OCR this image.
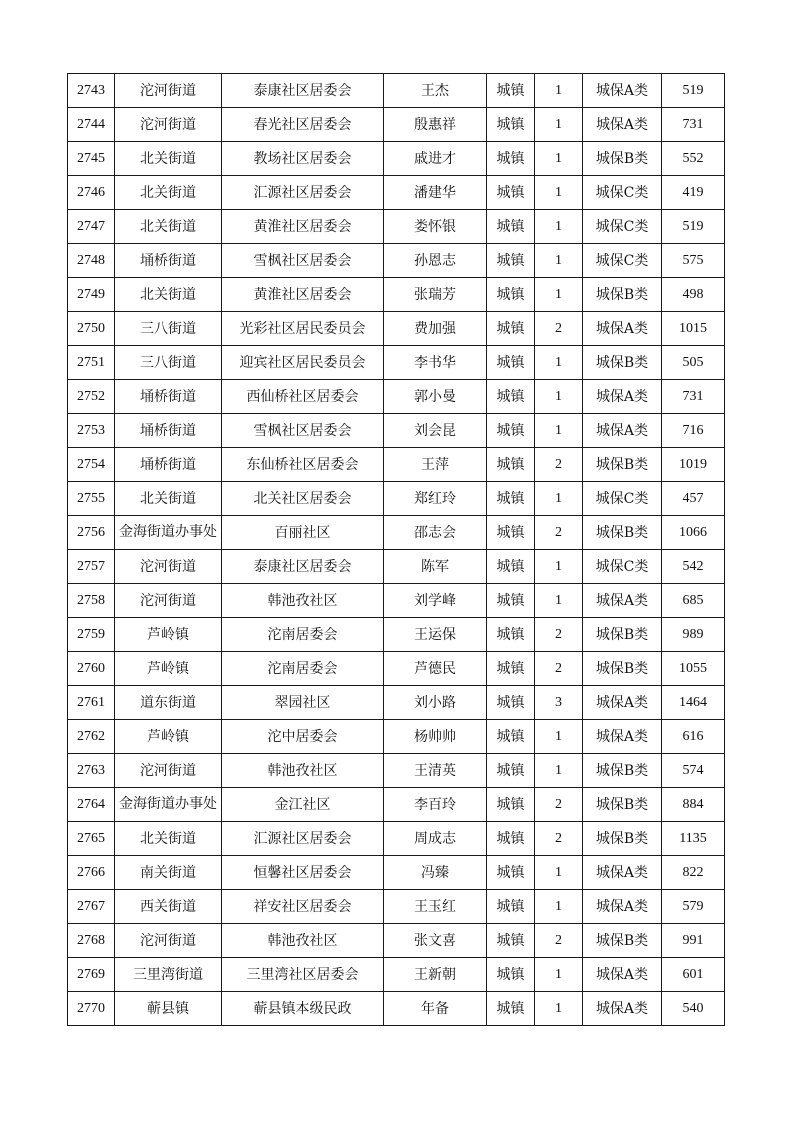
2743	沱河街道	泰康社区居委会	王杰	城镇	1	城保A类	519
2744	沱河街道	春光社区居委会	殷惠祥	城镇	1	城保A类	731
2745	北关街道	教场社区居委会	戚进才	城镇	1	城保B类	552
2746	北关街道	汇源社区居委会	潘建华	城镇	1	城保C类	419
2747	北关街道	黄淮社区居委会	娄怀银	城镇	1	城保C类	519
2748	埇桥街道	雪枫社区居委会	孙恩志	城镇	1	城保C类	575
2749	北关街道	黄淮社区居委会	张瑞芳	城镇	1	城保B类	498
2750	三八街道	光彩社区居民委员会	费加强	城镇	2	城保A类	1015
2751	三八街道	迎宾社区居民委员会	李书华	城镇	1	城保B类	505
2752	埇桥街道	西仙桥社区居委会	郭小曼	城镇	1	城保A类	731
2753	埇桥街道	雪枫社区居委会	刘会昆	城镇	1	城保A类	716
2754	埇桥街道	东仙桥社区居委会	王萍	城镇	2	城保B类	1019
2755	北关街道	北关社区居委会	郑红玲	城镇	1	城保C类	457
2756	金海街道办事处	百丽社区	邵志会	城镇	2	城保B类	1066
2757	沱河街道	泰康社区居委会	陈军	城镇	1	城保C类	542
2758	沱河街道	韩池孜社区	刘学峰	城镇	1	城保A类	685
2759	芦岭镇	沱南居委会	王运保	城镇	2	城保B类	989
2760	芦岭镇	沱南居委会	芦德民	城镇	2	城保B类	1055
2761	道东街道	翠园社区	刘小路	城镇	3	城保A类	1464
2762	芦岭镇	沱中居委会	杨帅帅	城镇	1	城保A类	616
2763	沱河街道	韩池孜社区	王清英	城镇	1	城保B类	574
2764	金海街道办事处	金江社区	李百玲	城镇	2	城保B类	884
2765	北关街道	汇源社区居委会	周成志	城镇	2	城保B类	1135
2766	南关街道	恒馨社区居委会	冯臻	城镇	1	城保A类	822
2767	西关街道	祥安社区居委会	王玉红	城镇	1	城保A类	579
2768	沱河街道	韩池孜社区	张文喜	城镇	2	城保B类	991
2769	三里湾街道	三里湾社区居委会	王新朝	城镇	1	城保A类	601
2770	蕲县镇	蕲县镇本级民政	年备	城镇	1	城保A类	540
